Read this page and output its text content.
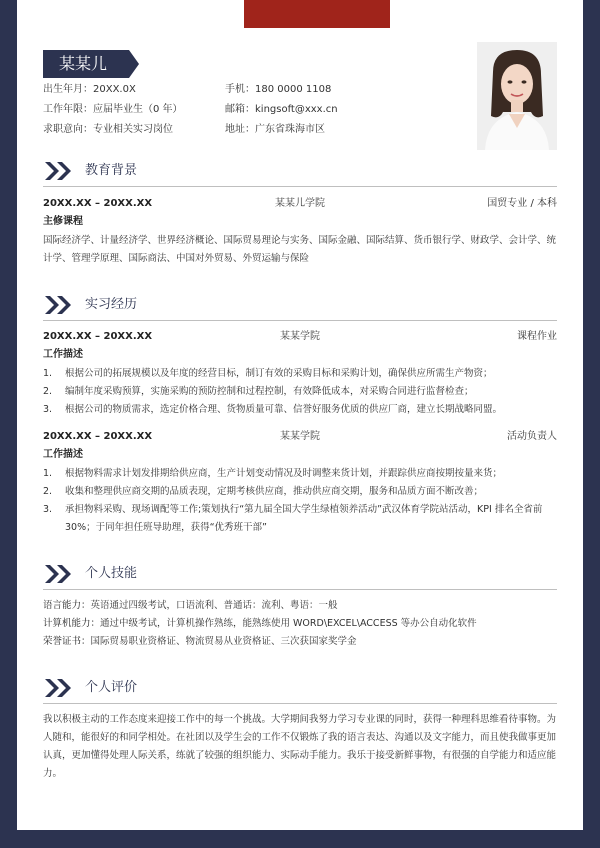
某某儿
出生年月：20XX.0X
工作年限：应届毕业生（0 年）
求职意向：专业相关实习岗位
手机：180 0000 1108
邮箱：kingsoft@xxx.cn
地址：广东省珠海市区
教育背景
20XX.XX – 20XX.XX	某某儿学院	国贸专业 / 本科
主修课程
国际经济学、计量经济学、世界经济概论、国际贸易理论与实务、国际金融、国际结算、货币银行学、财政学、会计学、统计学、管理学原理、国际商法、中国对外贸易、外贸运输与保险
实习经历
20XX.XX – 20XX.XX	某某学院	课程作业
工作描述
1. 根据公司的拓展规模以及年度的经营目标，制订有效的采购目标和采购计划，确保供应所需生产物资；
2. 编制年度采购预算，实施采购的预防控制和过程控制，有效降低成本，对采购合同进行监督检查；
3. 根据公司的物质需求，选定价格合理、货物质量可靠、信誉好服务优质的供应厂商，建立长期战略同盟。
20XX.XX – 20XX.XX	某某学院	活动负责人
工作描述
1. 根据物料需求计划发排期给供应商，生产计划变动情况及时调整来货计划，并跟踪供应商按期按量来货；
2. 收集和整理供应商交期的品质表现，定期考核供应商，推动供应商交期，服务和品质方面不断改善；
3. 承担物料采购、现场调配等工作;策划执行“第九届全国大学生绿植领养活动”武汉体育学院站活动，KPI 排名全省前 30%；于同年担任班导助理，获得“优秀班干部”
个人技能
语言能力：英语通过四级考试，口语流利、普通话：流利、粤语：一般
计算机能力：通过中级考试，计算机操作熟练，能熟练使用 WORD\EXCEL\ACCESS 等办公自动化软件
荣誉证书：国际贸易职业资格证、物流贸易从业资格证、三次获国家奖学金
个人评价
我以积极主动的工作态度来迎接工作中的每一个挑战。大学期间我努力学习专业课的同时，获得一种理科思维看待事物。为人随和，能很好的和同学相处。在社团以及学生会的工作不仅锻炼了我的语言表达、沟通以及文字能力，而且使我做事更加认真，更加懂得处理人际关系，练就了较强的组织能力、实际动手能力。我乐于接受新鲜事物，有很强的自学能力和适应能力。
